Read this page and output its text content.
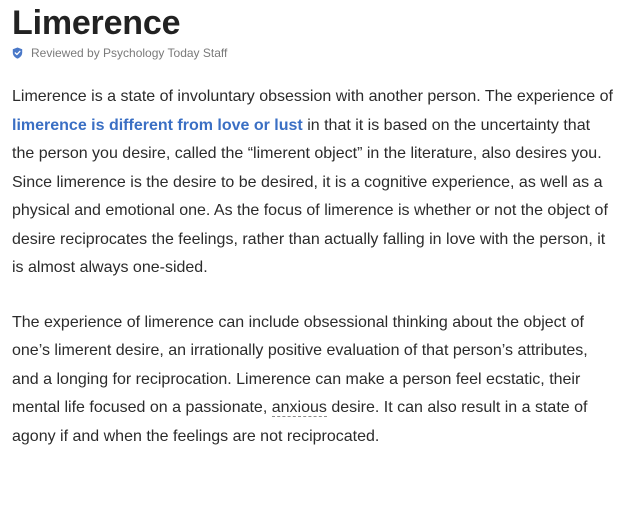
Limerence
Reviewed by Psychology Today Staff

Limerence is a state of involuntary obsession with another person. The experience of limerence is different from love or lust in that it is based on the uncertainty that the person you desire, called the “limerent object” in the literature, also desires you. Since limerence is the desire to be desired, it is a cognitive experience, as well as a physical and emotional one. As the focus of limerence is whether or not the object of desire reciprocates the feelings, rather than actually falling in love with the person, it is almost always one-sided.

The experience of limerence can include obsessional thinking about the object of one’s limerent desire, an irrationally positive evaluation of that person’s attributes, and a longing for reciprocation. Limerence can make a person feel ecstatic, their mental life focused on a passionate, anxious desire. It can also result in a state of agony if and when the feelings are not reciprocated.
